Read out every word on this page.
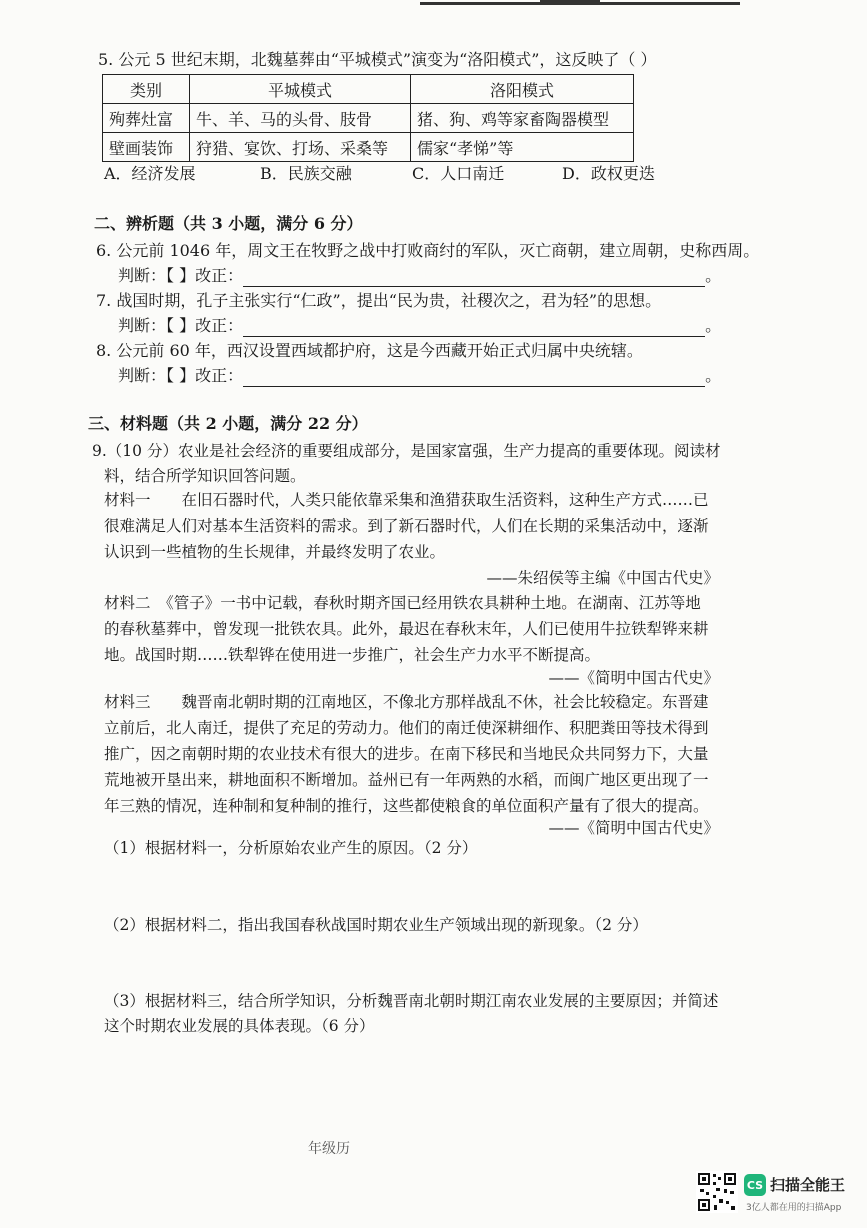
5. 公元 5 世纪末期，北魏墓葬由“平城模式”演变为“洛阳模式”，这反映了（ ）
类别	平城模式	洛阳模式
殉葬灶富	牛、羊、马的头骨、肢骨	猪、狗、鸡等家畜陶器模型
壁画装饰	狩猎、宴饮、打场、采桑等	儒家“孝悌”等
A．经济发展	B．民族交融	C．人口南迁	D．政权更迭
二、辨析题（共 3 小题，满分 6 分）
6. 公元前 1046 年，周文王在牧野之战中打败商纣的军队，灭亡商朝，建立周朝，史称西周。
判断：【 】改正：	。
7. 战国时期，孔子主张实行“仁政”，提出“民为贵，社稷次之，君为轻”的思想。
判断：【 】改正：	。
8. 公元前 60 年，西汉设置西域都护府，这是今西藏开始正式归属中央统辖。
判断：【 】改正：	。
三、材料题（共 2 小题，满分 22 分）
9.（10 分）农业是社会经济的重要组成部分，是国家富强，生产力提高的重要体现。阅读材
料，结合所学知识回答问题。
材料一　　在旧石器时代，人类只能依靠采集和渔猎获取生活资料，这种生产方式……已
很难满足人们对基本生活资料的需求。到了新石器时代，人们在长期的采集活动中，逐渐
认识到一些植物的生长规律，并最终发明了农业。
——朱绍侯等主编《中国古代史》
材料二　《管子》一书中记载，春秋时期齐国已经用铁农具耕种土地。在湖南、江苏等地
的春秋墓葬中，曾发现一批铁农具。此外，最迟在春秋末年，人们已使用牛拉铁犁铧来耕
地。战国时期……铁犁铧在使用进一步推广，社会生产力水平不断提高。
——《简明中国古代史》
材料三　　魏晋南北朝时期的江南地区，不像北方那样战乱不休，社会比较稳定。东晋建
立前后，北人南迁，提供了充足的劳动力。他们的南迁使深耕细作、积肥粪田等技术得到
推广，因之南朝时期的农业技术有很大的进步。在南下移民和当地民众共同努力下，大量
荒地被开垦出来，耕地面积不断增加。益州已有一年两熟的水稻，而闽广地区更出现了一
年三熟的情况，连种制和复种制的推行，这些都使粮食的单位面积产量有了很大的提高。
——《简明中国古代史》
（1）根据材料一，分析原始农业产生的原因。（2 分）
（2）根据材料二，指出我国春秋战国时期农业生产领域出现的新现象。（2 分）
（3）根据材料三，结合所学知识，分析魏晋南北朝时期江南农业发展的主要原因；并简述
这个时期农业发展的具体表现。（6 分）
年级历
CS 扫描全能王
3亿人都在用的扫描App
